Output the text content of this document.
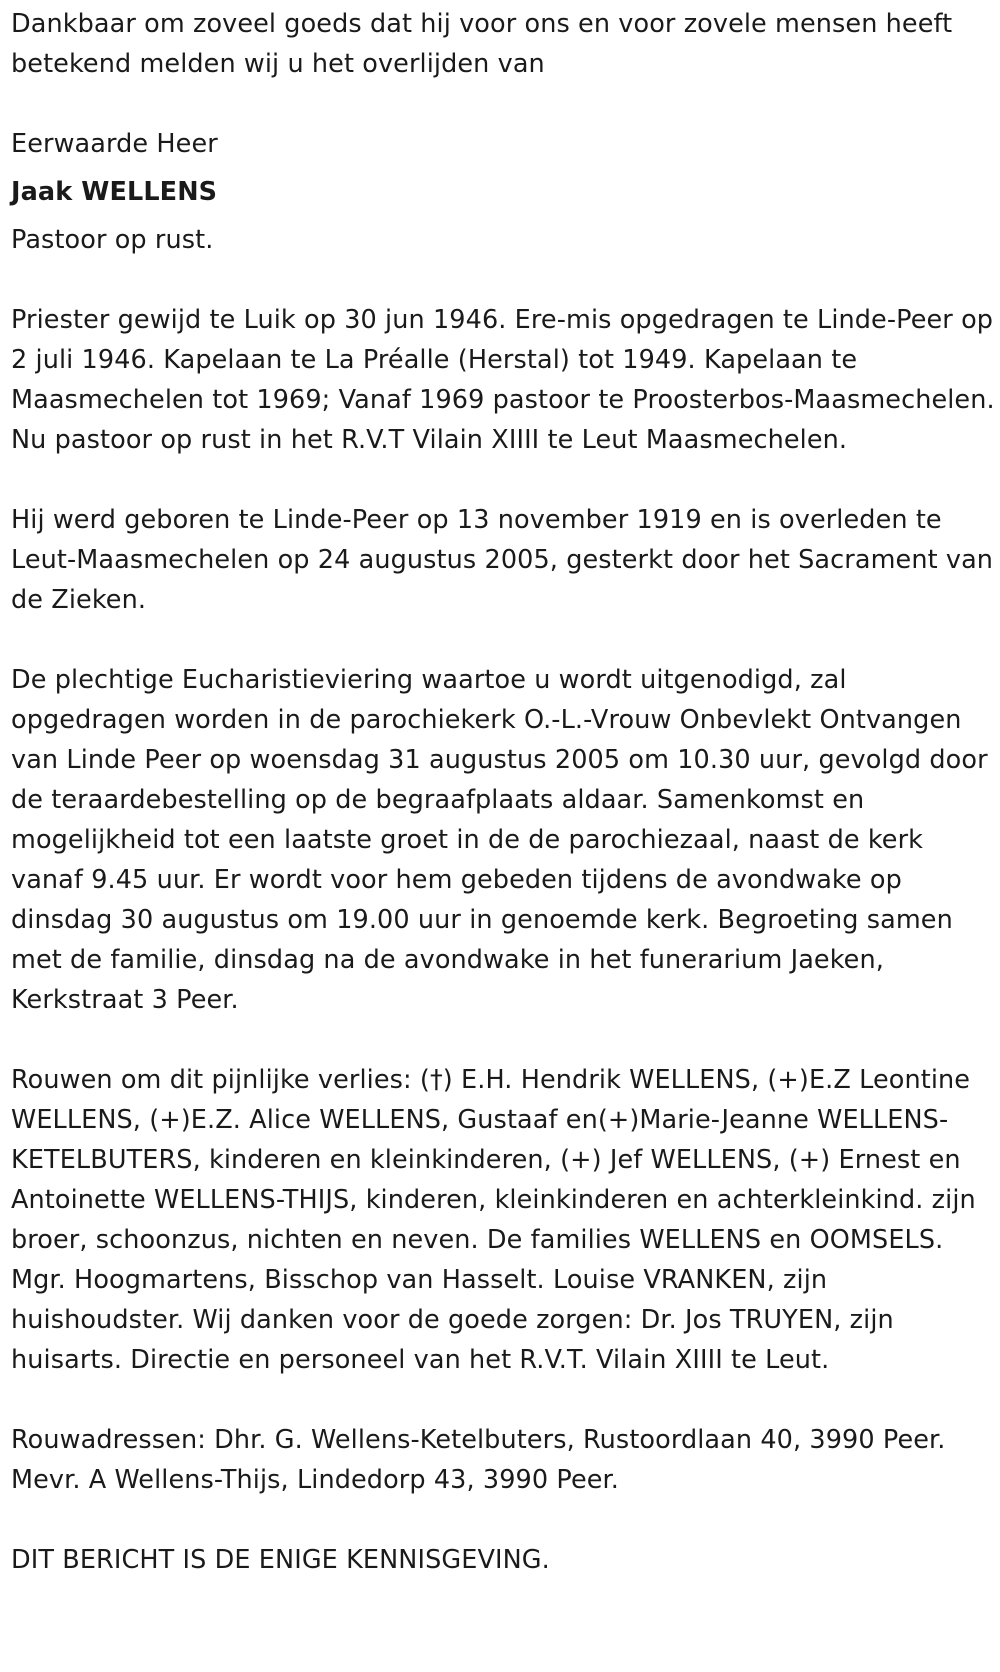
Dankbaar om zoveel goeds dat hij voor ons en voor zovele mensen heeft betekend melden wij u het overlijden van

Eerwaarde Heer

Jaak WELLENS

Pastoor op rust.

Priester gewijd te Luik op 30 jun 1946. Ere-mis opgedragen te Linde-Peer op 2 juli 1946. Kapelaan te La Préalle (Herstal) tot 1949. Kapelaan te Maasmechelen tot 1969; Vanaf 1969 pastoor te Proosterbos-Maasmechelen. Nu pastoor op rust in het R.V.T Vilain XIIII te Leut Maasmechelen.

Hij werd geboren te Linde-Peer op 13 november 1919 en is overleden te Leut-Maasmechelen op 24 augustus 2005, gesterkt door het Sacrament van de Zieken.

De plechtige Eucharistieviering waartoe u wordt uitgenodigd, zal opgedragen worden in de parochiekerk O.-L.-Vrouw Onbevlekt Ontvangen van Linde Peer op woensdag 31 augustus 2005 om 10.30 uur, gevolgd door de teraardebestelling op de begraafplaats aldaar. Samenkomst en mogelijkheid tot een laatste groet in de de parochiezaal, naast de kerk vanaf 9.45 uur. Er wordt voor hem gebeden tijdens de avondwake op dinsdag 30 augustus om 19.00 uur in genoemde kerk. Begroeting samen met de familie, dinsdag na de avondwake in het funerarium Jaeken, Kerkstraat 3 Peer.

Rouwen om dit pijnlijke verlies: (†) E.H. Hendrik WELLENS, (+)E.Z Leontine WELLENS, (+)E.Z. Alice WELLENS, Gustaaf en(+)Marie-Jeanne WELLENS-KETELBUTERS, kinderen en kleinkinderen, (+) Jef WELLENS, (+) Ernest en Antoinette WELLENS-THIJS, kinderen, kleinkinderen en achterkleinkind. zijn broer, schoonzus, nichten en neven. De families WELLENS en OOMSELS. Mgr. Hoogmartens, Bisschop van Hasselt. Louise VRANKEN, zijn huishoudster. Wij danken voor de goede zorgen: Dr. Jos TRUYEN, zijn huisarts. Directie en personeel van het R.V.T. Vilain XIIII te Leut.

Rouwadressen: Dhr. G. Wellens-Ketelbuters, Rustoordlaan 40, 3990 Peer. Mevr. A Wellens-Thijs, Lindedorp 43, 3990 Peer.

DIT BERICHT IS DE ENIGE KENNISGEVING.
